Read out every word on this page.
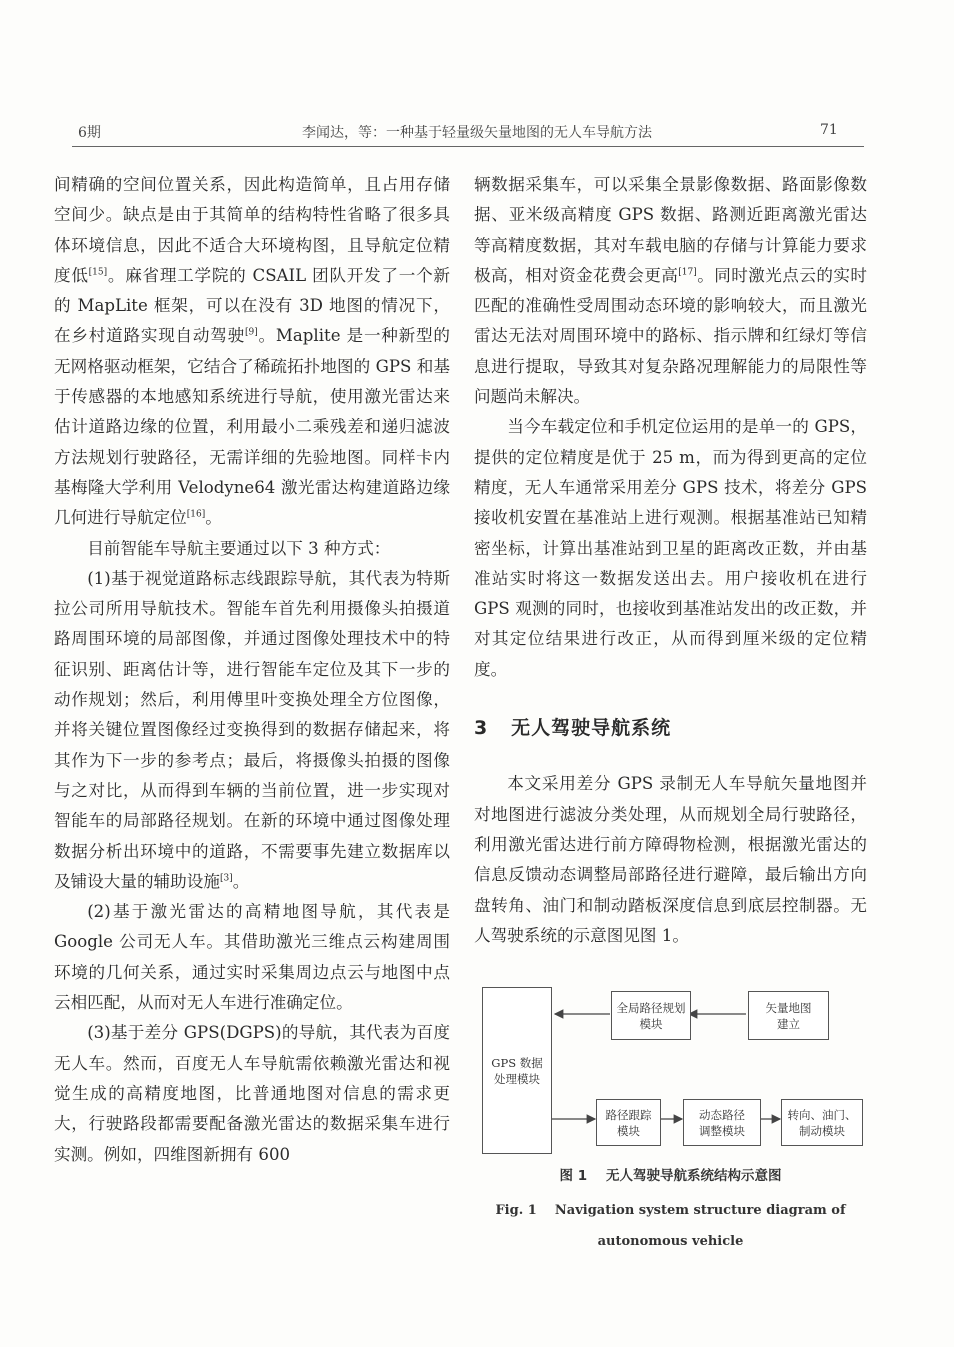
6期	李闻达，等：一种基于轻量级矢量地图的无人车导航方法	71

间精确的空间位置关系，因此构造简单，且占用存储空间少。缺点是由于其简单的结构特性省略了很多具体环境信息，因此不适合大环境构图，且导航定位精度低[15]。麻省理工学院的 CSAIL 团队开发了一个新的 MapLite 框架，可以在没有 3D 地图的情况下，在乡村道路实现自动驾驶[9]。Maplite 是一种新型的无网格驱动框架，它结合了稀疏拓扑地图的 GPS 和基于传感器的本地感知系统进行导航，使用激光雷达来估计道路边缘的位置，利用最小二乘残差和递归滤波方法规划行驶路径，无需详细的先验地图。同样卡内基梅隆大学利用 Velodyne64 激光雷达构建道路边缘几何进行导航定位[16]。

目前智能车导航主要通过以下 3 种方式：

(1)基于视觉道路标志线跟踪导航，其代表为特斯拉公司所用导航技术。智能车首先利用摄像头拍摄道路周围环境的局部图像，并通过图像处理技术中的特征识别、距离估计等，进行智能车定位及其下一步的动作规划；然后，利用傅里叶变换处理全方位图像，并将关键位置图像经过变换得到的数据存储起来，将其作为下一步的参考点；最后，将摄像头拍摄的图像与之对比，从而得到车辆的当前位置，进一步实现对智能车的局部路径规划。在新的环境中通过图像处理数据分析出环境中的道路，不需要事先建立数据库以及铺设大量的辅助设施[3]。

(2)基于激光雷达的高精地图导航，其代表是 Google 公司无人车。其借助激光三维点云构建周围环境的几何关系，通过实时采集周边点云与地图中点云相匹配，从而对无人车进行准确定位。

(3)基于差分 GPS(DGPS)的导航，其代表为百度无人车。然而，百度无人车导航需依赖激光雷达和视觉生成的高精度地图，比普通地图对信息的需求更大，行驶路段都需要配备激光雷达的数据采集车进行实测。例如，四维图新拥有 600

辆数据采集车，可以采集全景影像数据、路面影像数据、亚米级高精度 GPS 数据、路测近距离激光雷达等高精度数据，其对车载电脑的存储与计算能力要求极高，相对资金花费会更高[17]。同时激光点云的实时匹配的准确性受周围动态环境的影响较大，而且激光雷达无法对周围环境中的路标、指示牌和红绿灯等信息进行提取，导致其对复杂路况理解能力的局限性等问题尚未解决。

当今车载定位和手机定位运用的是单一的 GPS，提供的定位精度是优于 25 m，而为得到更高的定位精度，无人车通常采用差分 GPS 技术，将差分 GPS 接收机安置在基准站上进行观测。根据基准站已知精密坐标，计算出基准站到卫星的距离改正数，并由基准站实时将这一数据发送出去。用户接收机在进行 GPS 观测的同时，也接收到基准站发出的改正数，并对其定位结果进行改正，从而得到厘米级的定位精度。

3   无人驾驶导航系统

本文采用差分 GPS 录制无人车导航矢量地图并对地图进行滤波分类处理，从而规划全局行驶路径，利用激光雷达进行前方障碍物检测，根据激光雷达的信息反馈动态调整局部路径进行避障，最后输出方向盘转角、油门和制动踏板深度信息到底层控制器。无人驾驶系统的示意图见图 1。

GPS 数据
处理模块
全局路径规划
模块
矢量地图
建立
路径跟踪
模块
动态路径
调整模块
转向、油门、
制动模块
图 1    无人驾驶导航系统结构示意图
Fig. 1    Navigation system structure diagram of autonomous vehicle
